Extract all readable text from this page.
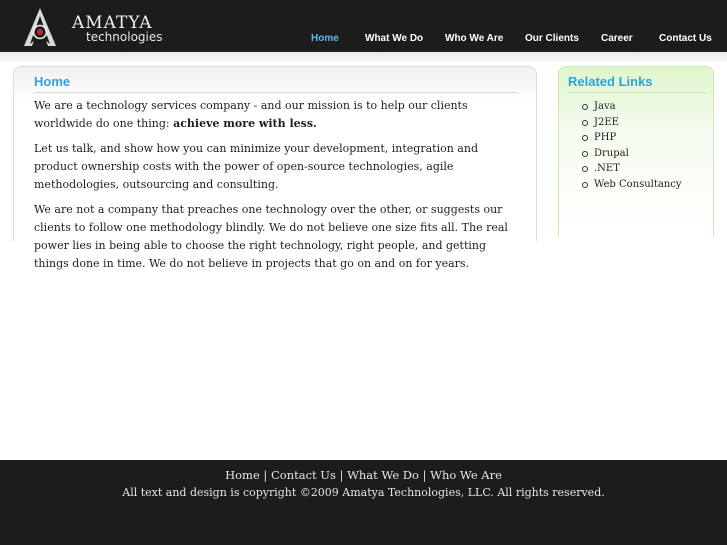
AMATYA
technologies	Home	What We Do Who We Are Our Clients Career	Contact Us
Home

We are a technology services company - and our mission is to help our clients worldwide do one thing: achieve more with less.

Let us talk, and show how you can minimize your development, integration and product ownership costs with the power of open-source technologies, agile methodologies, outsourcing and consulting.

We are not a company that preaches one technology over the other, or suggests our clients to follow one methodology blindly. We do not believe one size fits all. The real power lies in being able to choose the right technology, right people, and getting things done in time. We do not believe in projects that go on and on for years.

Related Links
Java
J2EE
PHP
Drupal
.NET
Web Consultancy
Home | Contact Us | What We Do | Who We Are
All text and design is copyright ©2009 Amatya Technologies, LLC. All rights reserved.
